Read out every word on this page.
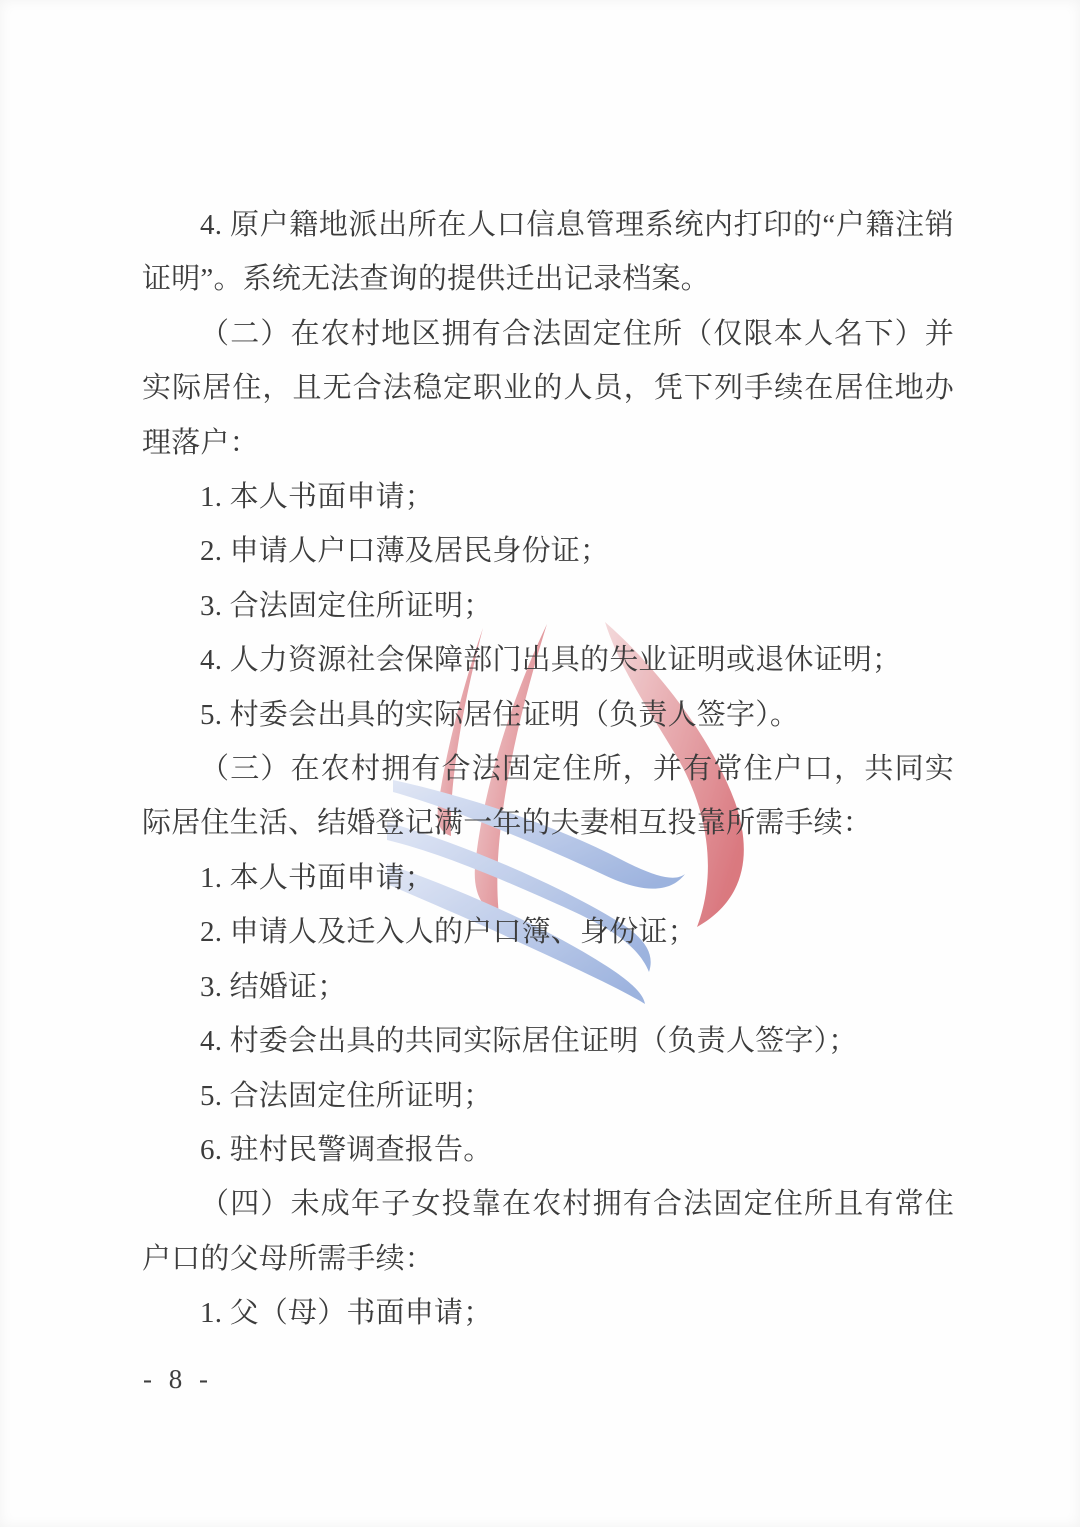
4. 原户籍地派出所在人口信息管理系统内打印的“户籍注销证明”。系统无法查询的提供迁出记录档案。

（二）在农村地区拥有合法固定住所（仅限本人名下）并实际居住，且无合法稳定职业的人员，凭下列手续在居住地办理落户：

1. 本人书面申请；

2. 申请人户口薄及居民身份证；

3. 合法固定住所证明；

4. 人力资源社会保障部门出具的失业证明或退休证明；

5. 村委会出具的实际居住证明（负责人签字）。

（三）在农村拥有合法固定住所，并有常住户口，共同实际居住生活、结婚登记满一年的夫妻相互投靠所需手续：

1. 本人书面申请；

2. 申请人及迁入人的户口簿、身份证；

3. 结婚证；

4. 村委会出具的共同实际居住证明（负责人签字）；

5. 合法固定住所证明；

6. 驻村民警调查报告。

（四）未成年子女投靠在农村拥有合法固定住所且有常住户口的父母所需手续：

1. 父（母）书面申请；

- 8 -
